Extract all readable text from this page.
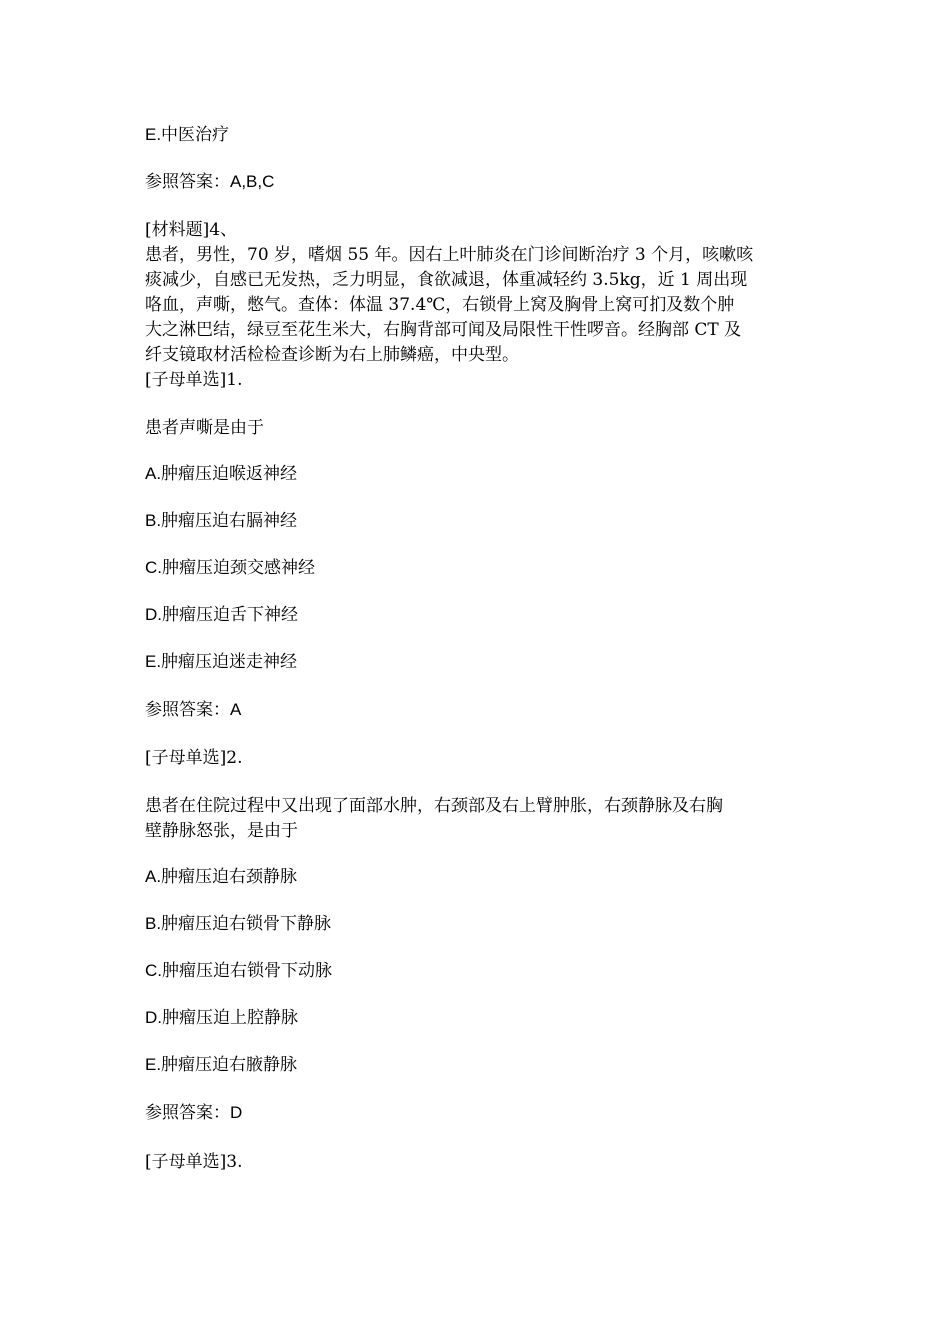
E.中医治疗
参照答案：A,B,C
[材料题]4、
患者，男性，70 岁，嗜烟 55 年。因右上叶肺炎在门诊间断治疗 3 个月，咳嗽咳
痰减少，自感已无发热，乏力明显，食欲减退，体重减轻约 3.5kg，近 1 周出现
咯血，声嘶，憋气。查体：体温 37.4℃，右锁骨上窝及胸骨上窝可扪及数个肿
大之淋巴结，绿豆至花生米大，右胸背部可闻及局限性干性啰音。经胸部 CT 及
纤支镜取材活检检查诊断为右上肺鳞癌，中央型。
[子母单选]1.
患者声嘶是由于
A.肿瘤压迫喉返神经
B.肿瘤压迫右膈神经
C.肿瘤压迫颈交感神经
D.肿瘤压迫舌下神经
E.肿瘤压迫迷走神经
参照答案：A
[子母单选]2.
患者在住院过程中又出现了面部水肿，右颈部及右上臂肿胀，右颈静脉及右胸
壁静脉怒张，是由于
A.肿瘤压迫右颈静脉
B.肿瘤压迫右锁骨下静脉
C.肿瘤压迫右锁骨下动脉
D.肿瘤压迫上腔静脉
E.肿瘤压迫右腋静脉
参照答案：D
[子母单选]3.
